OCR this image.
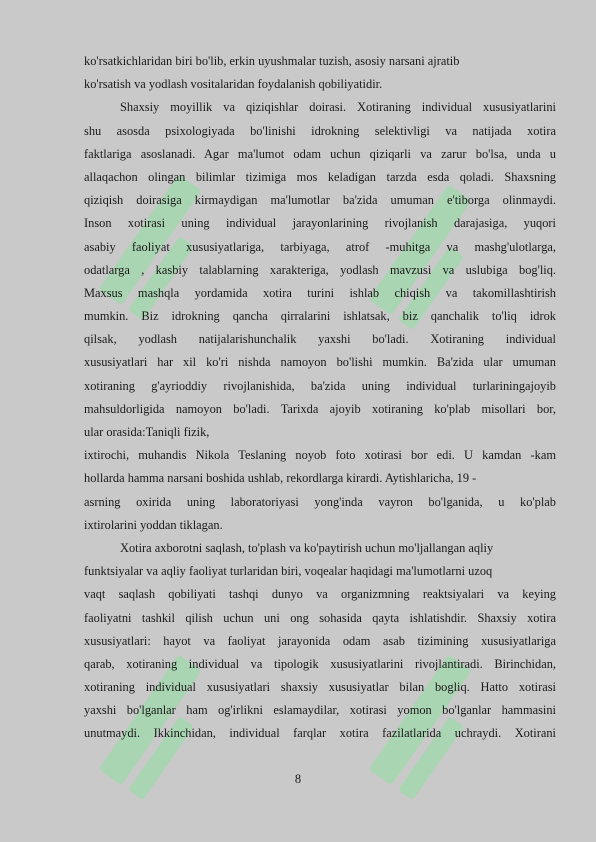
ko'rsatkichlaridan biri bo'lib, erkin uyushmalar tuzish, asosiy narsani ajratib
ko'rsatish va yodlash vositalaridan foydalanish qobiliyatidir.
Shaxsiy moyillik va qiziqishlar doirasi. Xotiraning individual xususiyatlarini
shu asosda psixologiyada bo'linishi idrokning selektivligi va natijada xotira
faktlariga asoslanadi. Agar ma'lumot odam uchun qiziqarli va zarur bo'lsa, unda u
allaqachon olingan bilimlar tizimiga mos keladigan tarzda esda qoladi. Shaxsning
qiziqish doirasiga kirmaydigan ma'lumotlar ba'zida umuman e'tiborga olinmaydi.
Inson xotirasi uning individual jarayonlarining rivojlanish darajasiga, yuqori
asabiy faoliyat xususiyatlariga, tarbiyaga, atrof -muhitga va mashg'ulotlarga,
odatlarga , kasbiy talablarning xarakteriga, yodlash mavzusi va uslubiga bog'liq.
Maxsus mashqla yordamida xotira turini ishlab chiqish va takomillashtirish
mumkin. Biz idrokning qancha qirralarini ishlatsak, biz qanchalik to'liq idrok
qilsak, yodlash natijalarishunchalik yaxshi bo'ladi. Xotiraning individual
xususiyatlari har xil ko'ri nishda namoyon bo'lishi mumkin. Ba'zida ular umuman
xotiraning g'ayrioddiy rivojlanishida, ba'zida uning individual turlariningajoyib
mahsuldorligida namoyon bo'ladi. Tarixda ajoyib xotiraning ko'plab misollari bor,
ular orasida:Taniqli fizik,
ixtirochi, muhandis Nikola Teslaning noyob foto xotirasi bor edi. U kamdan -kam
hollarda hamma narsani boshida ushlab, rekordlarga kirardi. Aytishlaricha, 19 -
asrning oxirida uning laboratoriyasi yong'inda vayron bo'lganida, u ko'plab
ixtirolarini yoddan tiklagan.
Xotira axborotni saqlash, to'plash va ko'paytirish uchun mo'ljallangan aqliy
funktsiyalar va aqliy faoliyat turlaridan biri, voqealar haqidagi ma'lumotlarni uzoq
vaqt saqlash qobiliyati tashqi dunyo va organizmning reaktsiyalari va keying
faoliyatni tashkil qilish uchun uni ong sohasida qayta ishlatishdir. Shaxsiy xotira
xususiyatlari: hayot va faoliyat jarayonida odam asab tizimining xususiyatlariga
qarab, xotiraning individual va tipologik xususiyatlarini rivojlantiradi. Birinchidan,
xotiraning individual xususiyatlari shaxsiy xususiyatlar bilan bogliq. Hatto xotirasi
yaxshi bo'lganlar ham og'irlikni eslamaydilar, xotirasi yomon bo'lganlar hammasini
unutmaydi. Ikkinchidan, individual farqlar xotira fazilatlarida uchraydi. Xotirani
8
